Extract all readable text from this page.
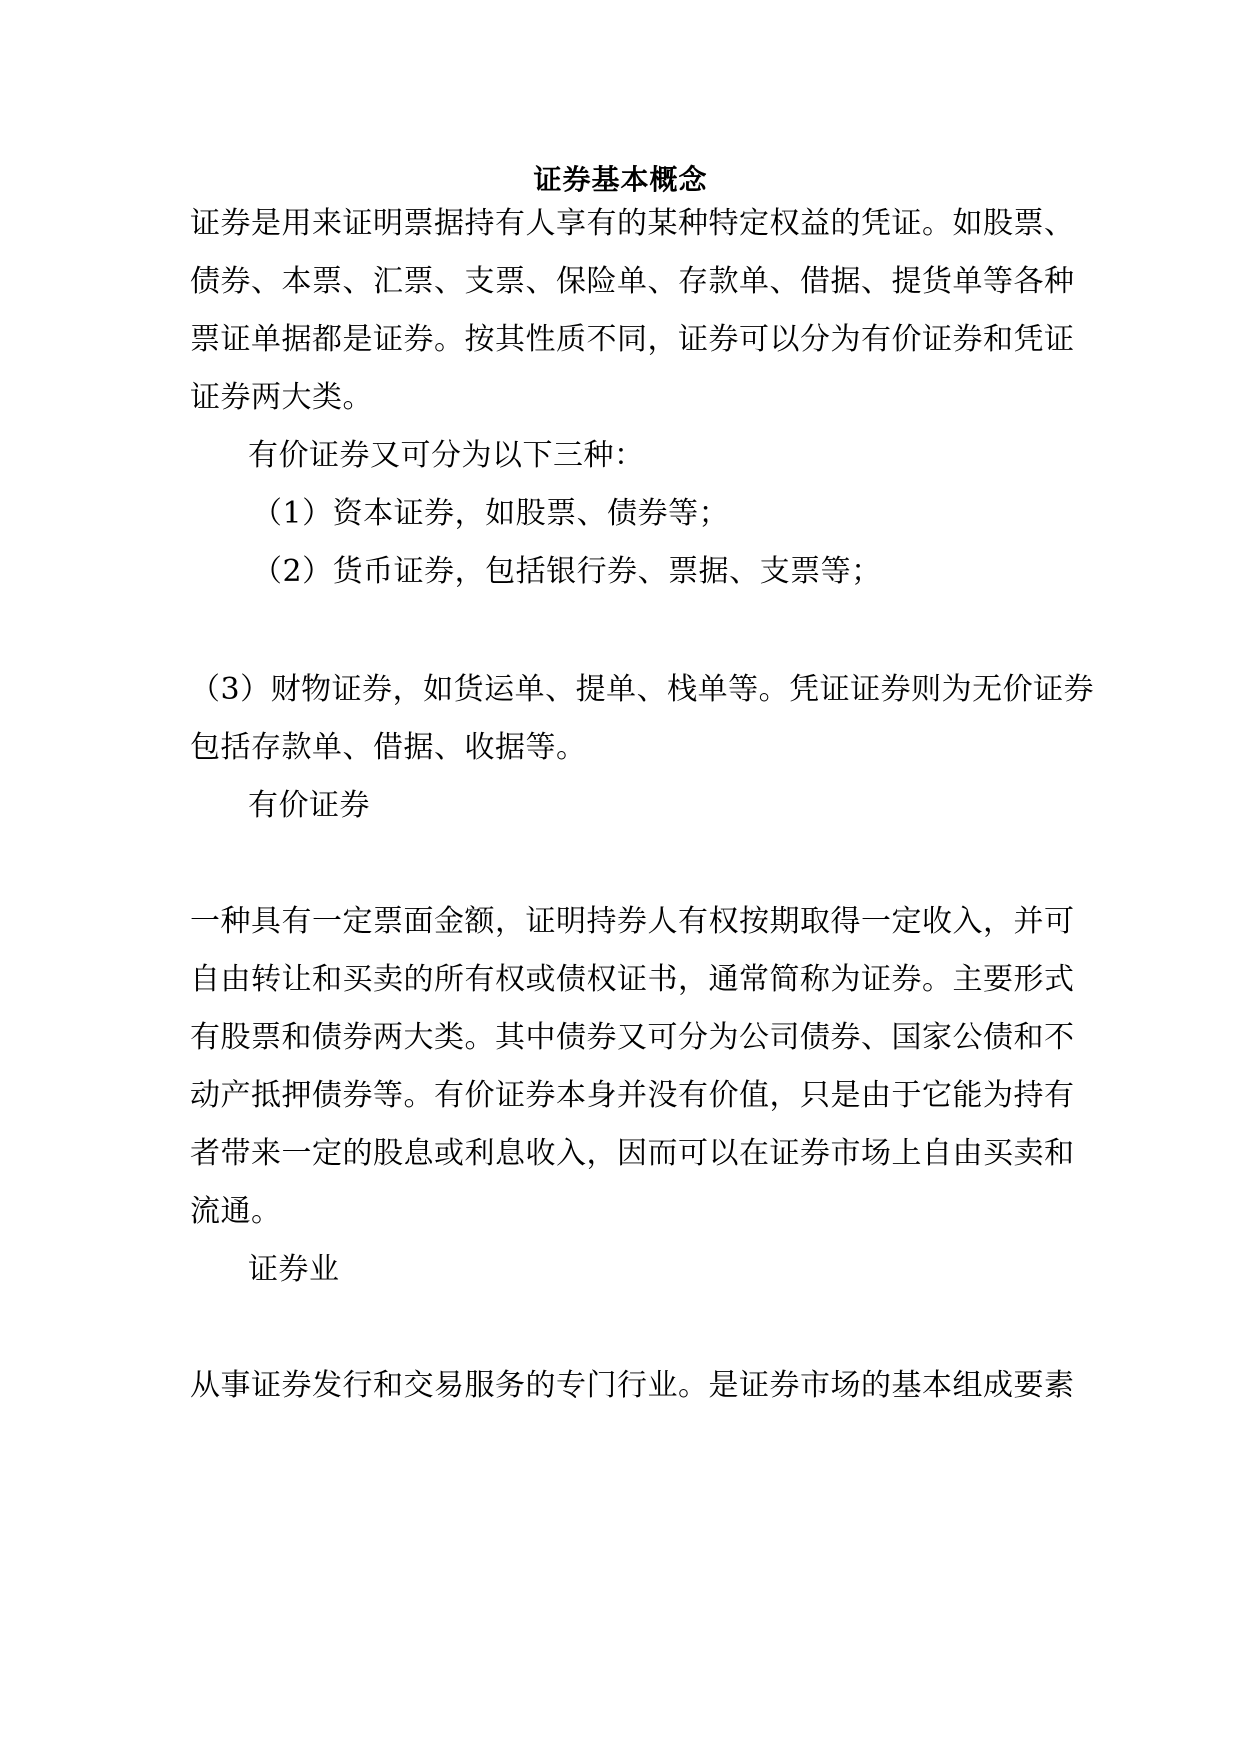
证券基本概念
证券是用来证明票据持有人享有的某种特定权益的凭证。如股票、
债券、本票、汇票、支票、保险单、存款单、借据、提货单等各种
票证单据都是证券。按其性质不同，证券可以分为有价证券和凭证
证券两大类。
有价证券又可分为以下三种：
（1）资本证券，如股票、债券等；
（2）货币证券，包括银行券、票据、支票等；
（3）财物证券，如货运单、提单、栈单等。凭证证券则为无价证券
包括存款单、借据、收据等。
有价证券
一种具有一定票面金额，证明持券人有权按期取得一定收入，并可
自由转让和买卖的所有权或债权证书，通常简称为证券。主要形式
有股票和债券两大类。其中债券又可分为公司债券、国家公债和不
动产抵押债券等。有价证券本身并没有价值，只是由于它能为持有
者带来一定的股息或利息收入，因而可以在证券市场上自由买卖和
流通。
证券业
从事证券发行和交易服务的专门行业。是证券市场的基本组成要素
